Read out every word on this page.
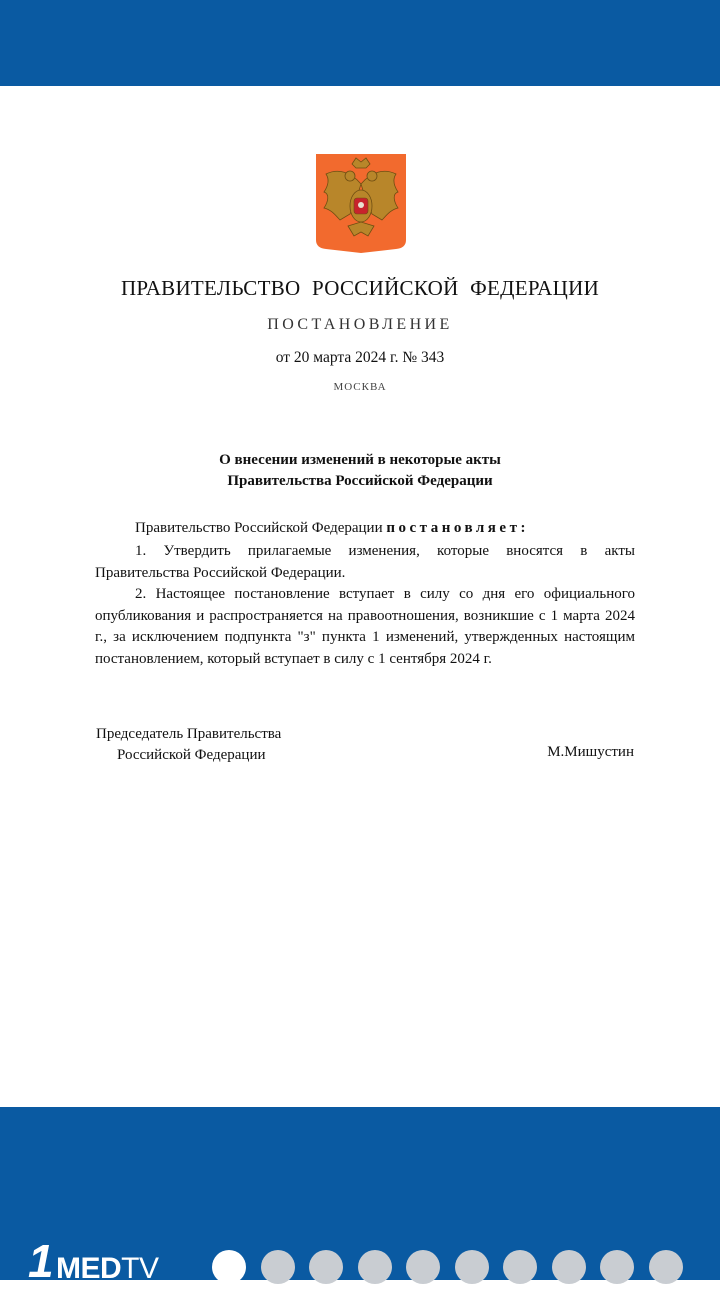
ПРАВИТЕЛЬСТВО РОССИЙСКОЙ ФЕДЕРАЦИИ
ПОСТАНОВЛЕНИЕ
от 20 марта 2024 г. № 343
МОСКВА
О внесении изменений в некоторые акты
Правительства Российской Федерации
Правительство Российской Федерации постановляет:
1. Утвердить прилагаемые изменения, которые вносятся в акты Правительства Российской Федерации.
2. Настоящее постановление вступает в силу со дня его официального опубликования и распространяется на правоотношения, возникшие с 1 марта 2024 г., за исключением подпункта "з" пункта 1 изменений, утвержденных настоящим постановлением, который вступает в силу с 1 сентября 2024 г.
Председатель Правительства
Российской Федерации	М.Мишустин
1 MEDTV
